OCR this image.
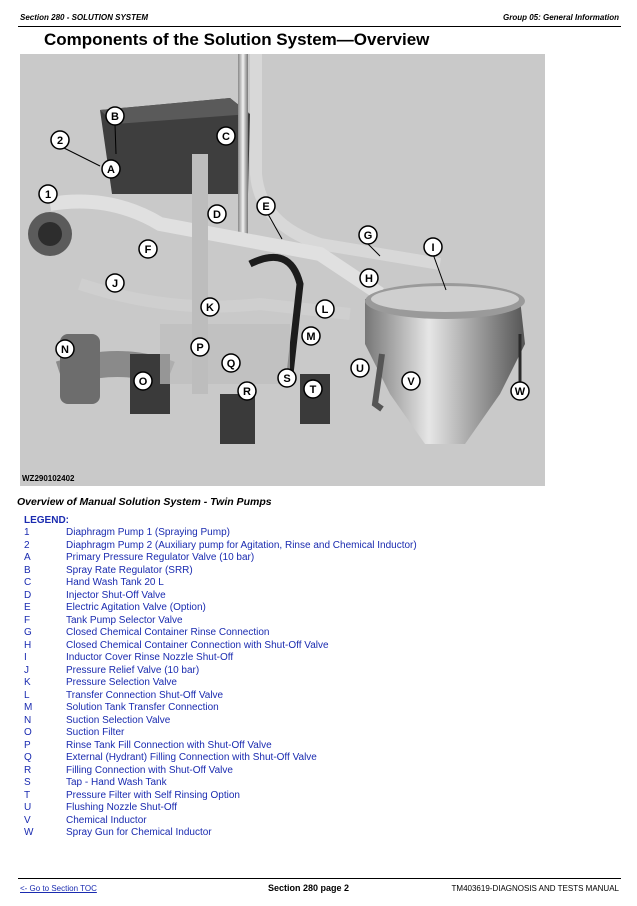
Section 280 - SOLUTION SYSTEM	Group 05: General Information
Components of the Solution System—Overview
1
2
A
B
C
D
E
F
G
H
I
J
K	L
M
N
O
P
Q
R
S
T
U
V
W
WZ290102402
Overview of Manual Solution System - Twin Pumps
LEGEND:
1	Diaphragm Pump 1 (Spraying Pump)
2	Diaphragm Pump 2 (Auxiliary pump for Agitation, Rinse and Chemical Inductor)
A	Primary Pressure Regulator Valve (10 bar)
B	Spray Rate Regulator (SRR)
C	Hand Wash Tank 20 L
D	Injector Shut-Off Valve
E	Electric Agitation Valve (Option)
F	Tank Pump Selector Valve
G	Closed Chemical Container Rinse Connection
H	Closed Chemical Container Connection with Shut-Off Valve
I	Inductor Cover Rinse Nozzle Shut-Off
J	Pressure Relief Valve (10 bar)
K	Pressure Selection Valve
L	Transfer Connection Shut-Off Valve
M	Solution Tank Transfer Connection
N	Suction Selection Valve
O	Suction Filter
P	Rinse Tank Fill Connection with Shut-Off Valve
Q	External (Hydrant) Filling Connection with Shut-Off Valve
R	Filling Connection with Shut-Off Valve
S	Tap - Hand Wash Tank
T	Pressure Filter with Self Rinsing Option
U	Flushing Nozzle Shut-Off
V	Chemical Inductor
W	Spray Gun for Chemical Inductor
<- Go to Section TOC	Section 280 page 2	TM403619-DIAGNOSIS AND TESTS MANUAL
